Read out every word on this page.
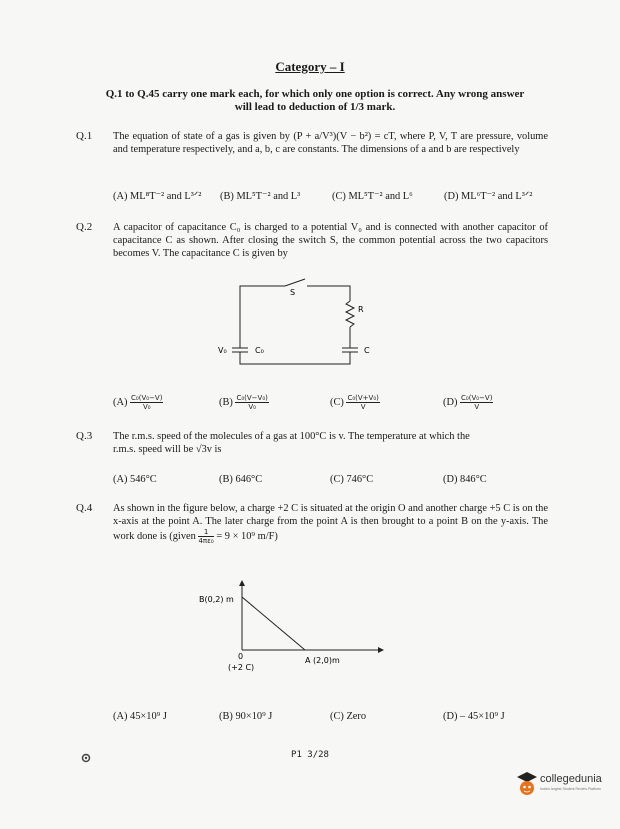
Category – I
Q.1 to Q.45 carry one mark each, for which only one option is correct. Any wrong answer
will lead to deduction of 1/3 mark.
Q.1 The equation of state of a gas is given by (P + a/V³)(V − b²) = cT, where P, V, T are pressure, volume and temperature respectively, and a, b, c are constants. The dimensions of a and b are respectively
(A) ML⁸T⁻² and L³ᐟ² (B) ML⁵T⁻² and L³	(C) ML⁵T⁻² and L⁶	(D) ML⁶T⁻² and L³ᐟ²
Q.2 A capacitor of capacitance C₀ is charged to a potential V₀ and is connected with another capacitor of capacitance C as shown. After closing the switch S, the common potential across the two capacitors becomes V. The capacitance C is given by
S
R
V₀	C₀	C
$(A) \frac{\text{C₀(V₀−V)}}{\text{V₀}}$	$(B) \frac{\text{C₀(V−V₀)}}{\text{V₀}}$	$(C) \frac{\text{C₀(V+V₀)}}{V}$	$(D) \frac{\text{C₀(V₀−V)}}{V}$
Q.3 The r.m.s. speed of the molecules of a gas at 100°C is v. The temperature at which the
r.m.s. speed will be √3v is
(A) 546°C	(B) 646°C	(C) 746°C	(D) 846°C
Q.4 As shown in the figure below, a charge +2 C is situated at the origin O and another charge +5 C is on the x-axis at the point A. The later charge from the point A is then brought to a point B on the y-axis. The work done is (given $\frac{1}{\text{4πε₀}} = 9 \times 10^9$ m/F)
B(0,2) m
A (2,0)m
0
(+2 C)
(A) 45×10⁹ J	(B) 90×10⁹ J	(C) Zero	(D) – 45×10⁹ J
P1 3/28
collegedunia
India's largest Student Review Platform
